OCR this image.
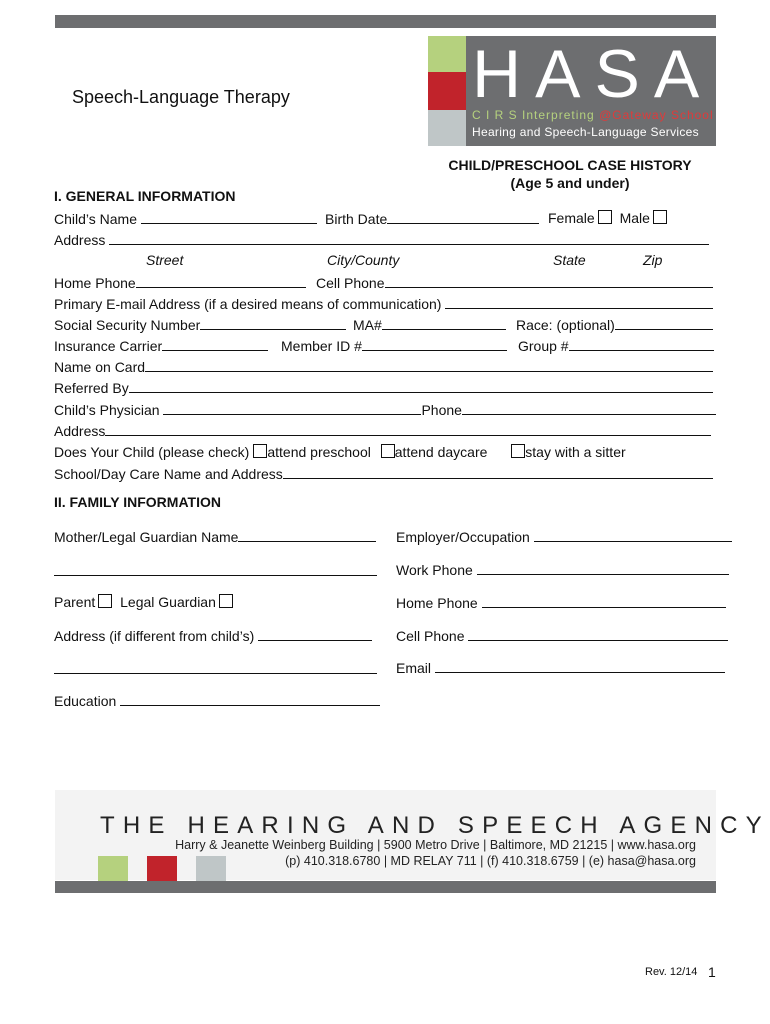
HASA
C I R S Interpreting @Gateway School
Hearing and Speech-Language Services
Speech-Language Therapy
CHILD/PRESCHOOL CASE HISTORY
(Age 5 and under)
I. GENERAL INFORMATION
Child’s Name	Birth Date	Female Male
Address
Street	City/County	State	Zip
Home Phone	Cell Phone
Primary E-mail Address (if a desired means of communication)
Social Security Number	MA#	Race: (optional)
Insurance Carrier	Member ID #	Group #
Name on Card
Referred By
Child’s Physician	Phone
Address
Does Your Child (please check) attend preschool attend daycare	stay with a sitter
School/Day Care Name and Address
II. FAMILY INFORMATION
Mother/Legal Guardian Name	Employer/Occupation
Work Phone
Parent Legal Guardian	Home Phone
Address (if different from child’s)	Cell Phone
Email
Education
THE HEARING AND SPEECH AGENCY
Harry & Jeanette Weinberg Building | 5900 Metro Drive | Baltimore, MD 21215 | www.hasa.org
(p) 410.318.6780 | MD RELAY 711 | (f) 410.318.6759 | (e) hasa@hasa.org
Rev. 12/14 1
